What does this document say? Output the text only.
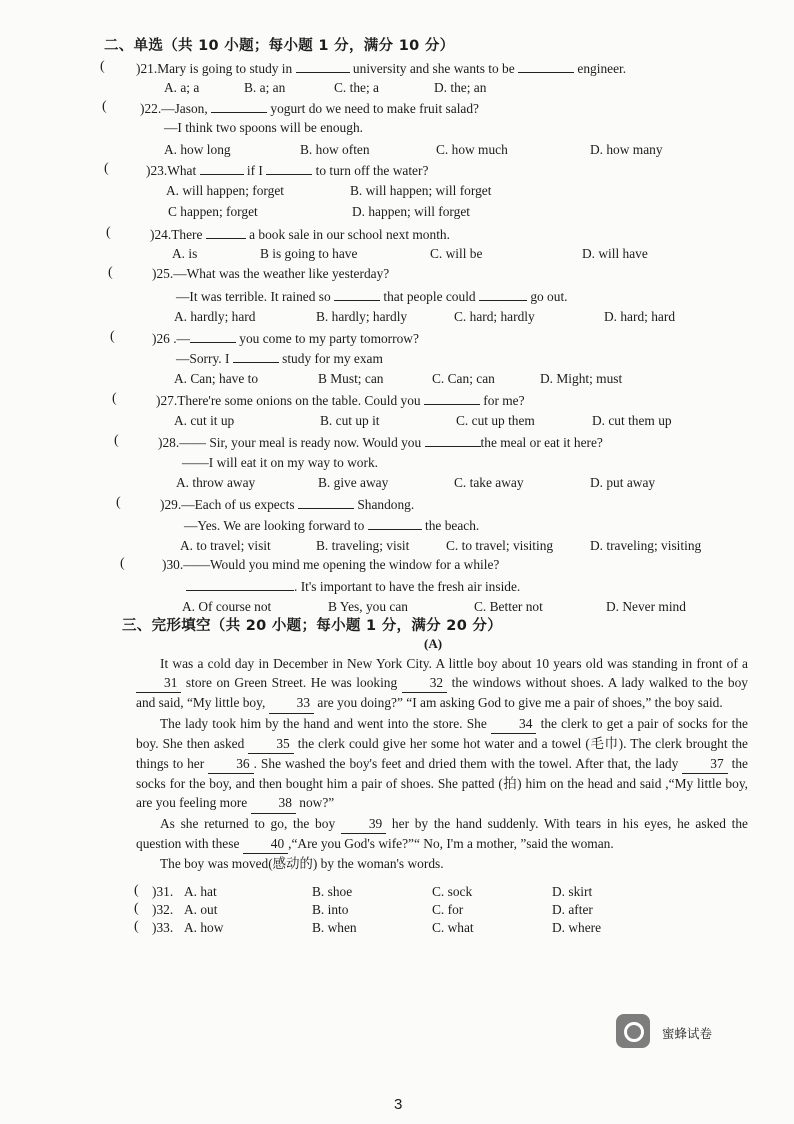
二、单选（共 10 小题；每小题 1 分，满分 10 分）
( )21.Mary is going to study in	university and she wants to be	engineer.
A. a; a	B. a; an	C. the; a	D. the; an
( )22.—Jason,	yogurt do we need to make fruit salad?
—I think two spoons will be enough.
A. how long	B. how often	C. how much	D. how many
(	)23.What	if I	to turn off the water?
A. will happen; forget	B. will happen; will forget
C happen; forget	D. happen; will forget
(	)24.There	a book sale in our school next month.
A. is	B is going to have	C. will be	D. will have
(	)25.—What was the weather like yesterday?
—It was terrible. It rained so	that people could	go out.
A. hardly; hard	B. hardly; hardly	C. hard; hardly	D. hard; hard
(	)26 .—	you come to my party tomorrow?
—Sorry. I	study for my exam
A. Can; have to	B Must; can	C. Can; can	D. Might; must
(	)27.There're some onions on the table. Could you	for me?
A. cut it up	B. cut up it	C. cut up them	D. cut them up
(	)28.—— Sir, your meal is ready now. Would you	the meal or eat it here?
——I will eat it on my way to work.
A. throw away	B. give away	C. take away	D. put away
(	)29.—Each of us expects	Shandong.
—Yes. We are looking forward to	the beach.
A. to travel; visit	B. traveling; visit	C. to travel; visiting	D. traveling; visiting
(	)30.——Would you mind me opening the window for a while?
. It's important to have the fresh air inside.
A. Of course not	B Yes, you can	C. Better not	D. Never mind
三、完形填空（共 20 小题；每小题 1 分，满分 20 分）
(A)

It was a cold day in December in New York City. A little boy about 10 years old was standing in front of a 31 store on Green Street. He was looking 32 the windows without shoes. A lady walked to the boy and said, “My little boy, 33 are you doing?” “I am asking God to give me a pair of shoes,” the boy said.

The lady took him by the hand and went into the store. She 34 the clerk to get a pair of socks for the boy. She then asked 35 the clerk could give her some hot water and a towel (毛巾). The clerk brought the things to her 36 . She washed the boy's feet and dried them with the towel. After that, the lady 37 the socks for the boy, and then bought him a pair of shoes. She patted (拍) him on the head and said ,“My little boy, are you feeling more 38 now?”

As she returned to go, the boy 39 her by the hand suddenly. With tears in his eyes, he asked the question with these 40 ,“Are you God's wife?”“ No, I'm a mother, ”said the woman.

The boy was moved(感动的) by the woman's words.

( )31. A. hat	B. shoe	C. sock	D. skirt
( )32. A. out	B. into	C. for	D. after
( )33. A. how	B. when	C. what	D. where
蜜蜂试卷
3
